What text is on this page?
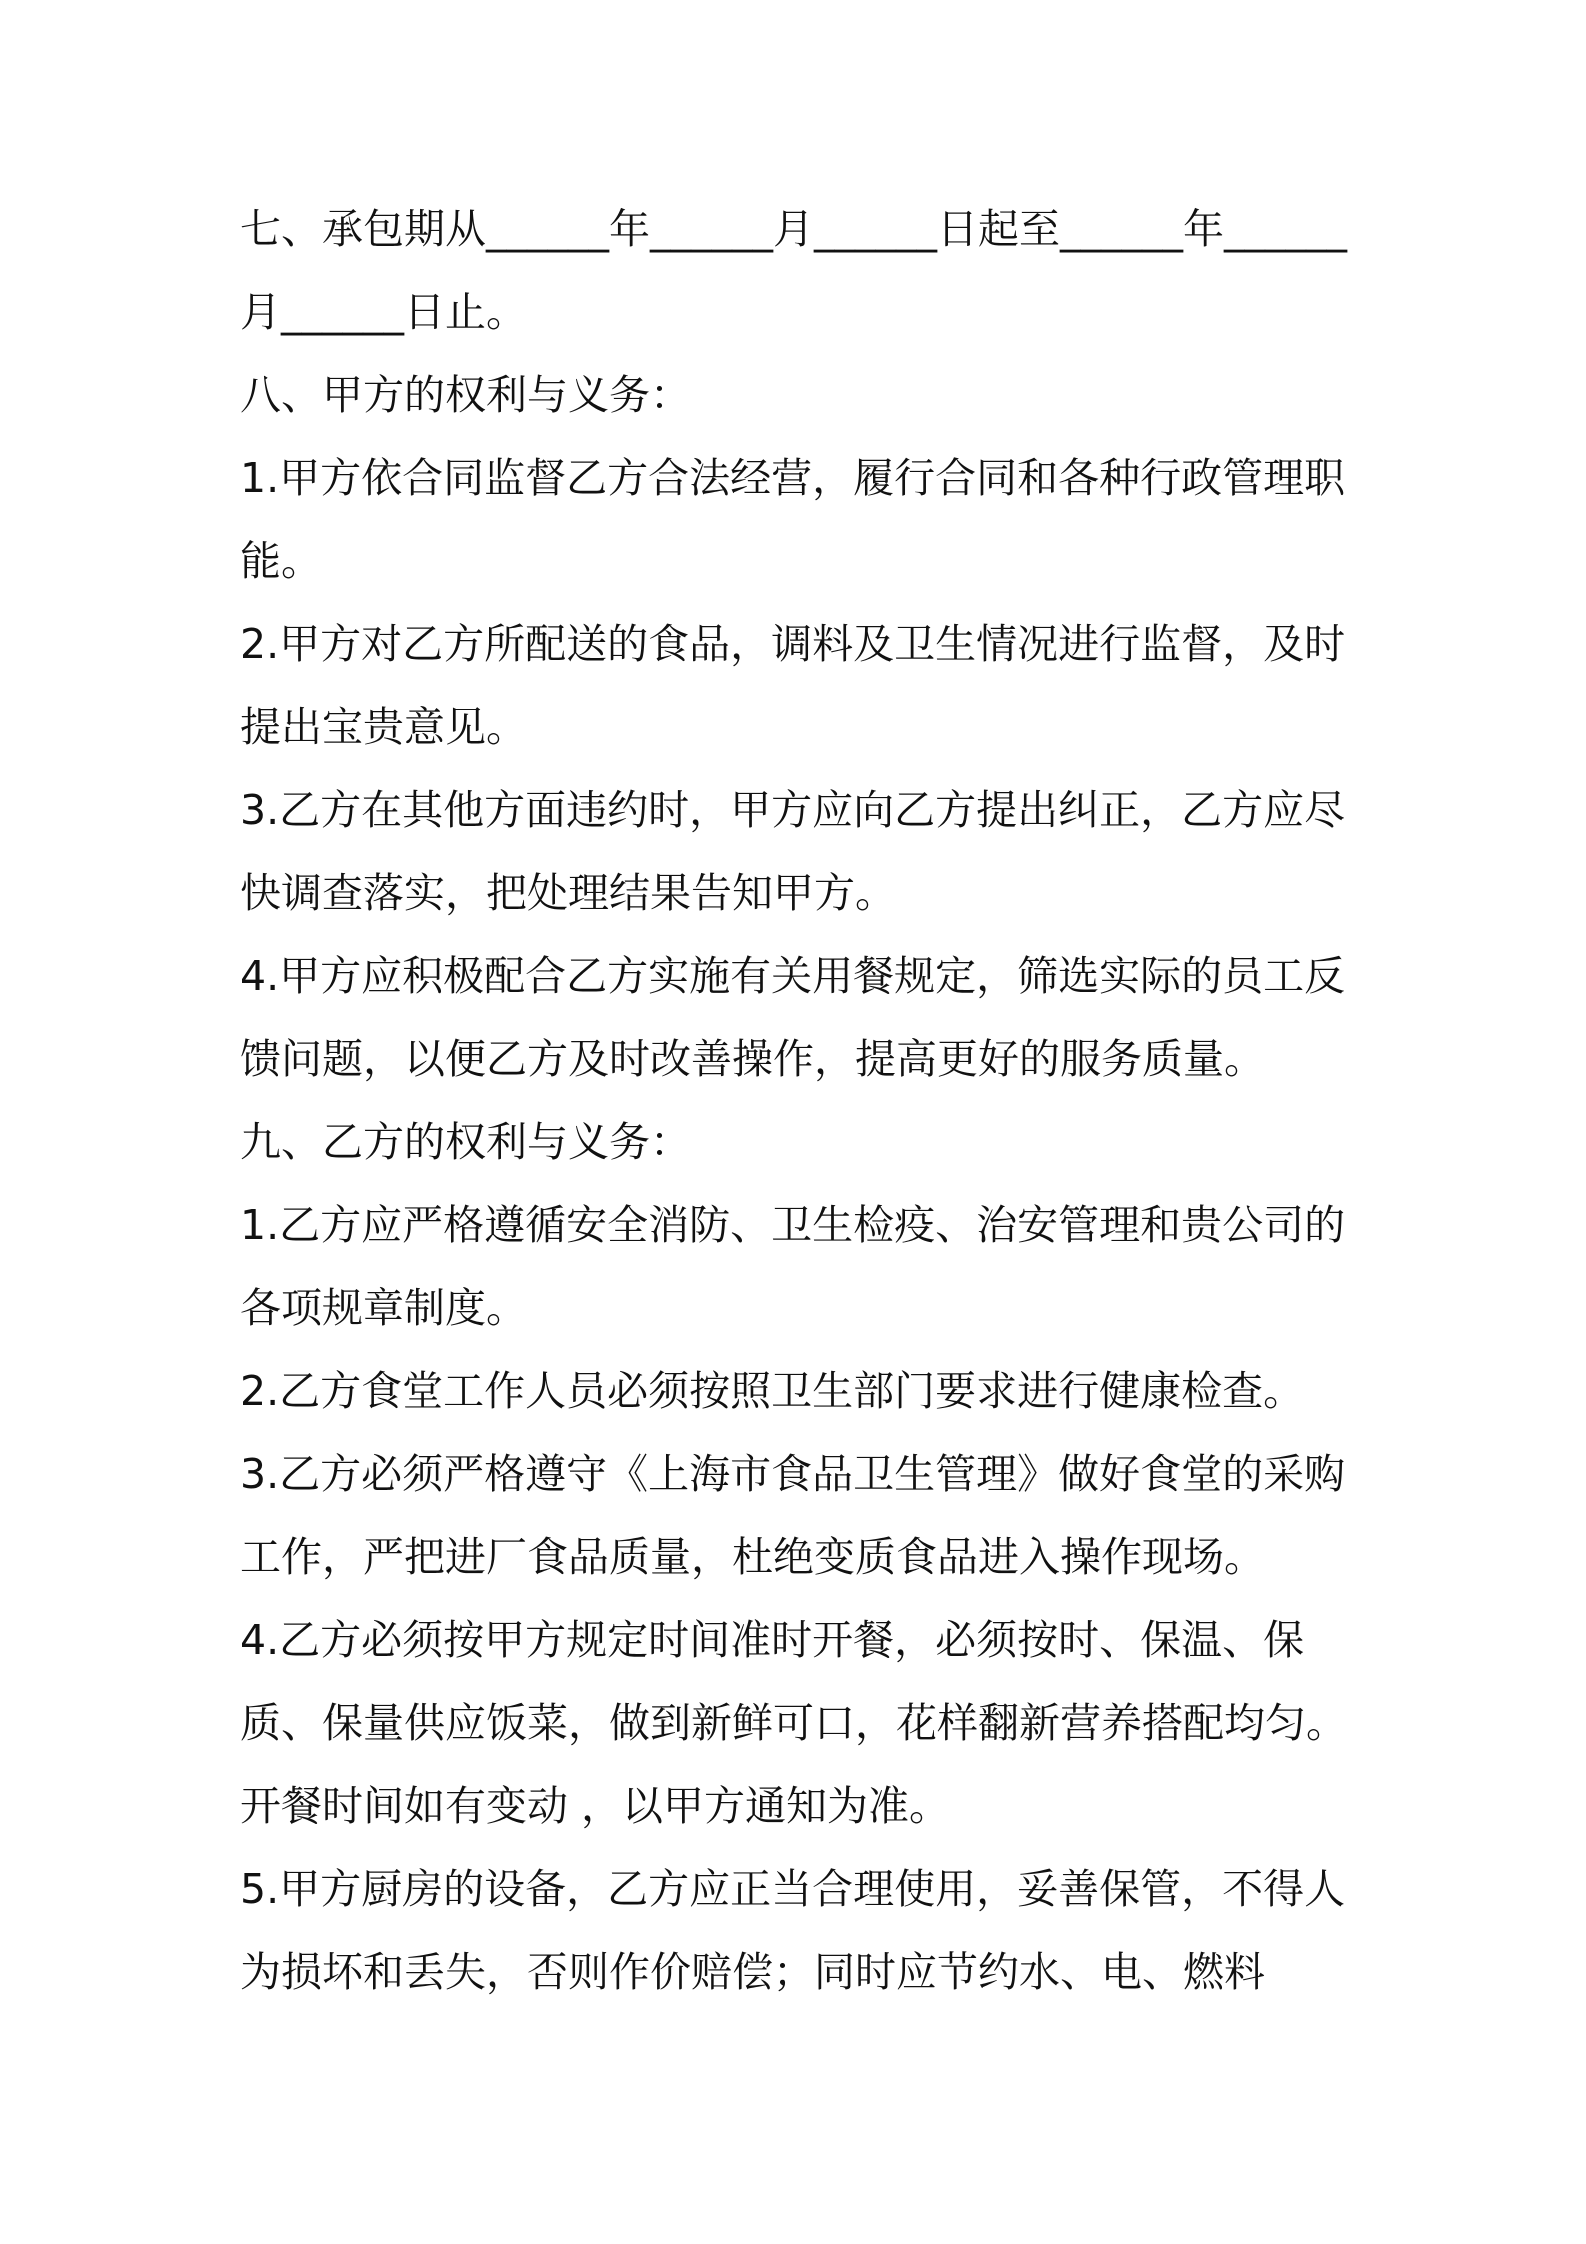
七、承包期从______年______月______日起至______年______月______日止。

八、甲方的权利与义务：

1.甲方依合同监督乙方合法经营，履行合同和各种行政管理职能。

2.甲方对乙方所配送的食品，调料及卫生情况进行监督，及时提出宝贵意见。

3.乙方在其他方面违约时，甲方应向乙方提出纠正，乙方应尽快调查落实，把处理结果告知甲方。

4.甲方应积极配合乙方实施有关用餐规定，筛选实际的员工反馈问题，以便乙方及时改善操作，提高更好的服务质量。

九、乙方的权利与义务：

1.乙方应严格遵循安全消防、卫生检疫、治安管理和贵公司的各项规章制度。

2.乙方食堂工作人员必须按照卫生部门要求进行健康检查。

3.乙方必须严格遵守《上海市食品卫生管理》做好食堂的采购工作，严把进厂食品质量，杜绝变质食品进入操作现场。

4.乙方必须按甲方规定时间准时开餐，必须按时、保温、保质、保量供应饭菜，做到新鲜可口，花样翻新营养搭配均匀。开餐时间如有变动 ，以甲方通知为准。

5.甲方厨房的设备，乙方应正当合理使用，妥善保管，不得人为损坏和丢失，否则作价赔偿；同时应节约水、电、燃料
